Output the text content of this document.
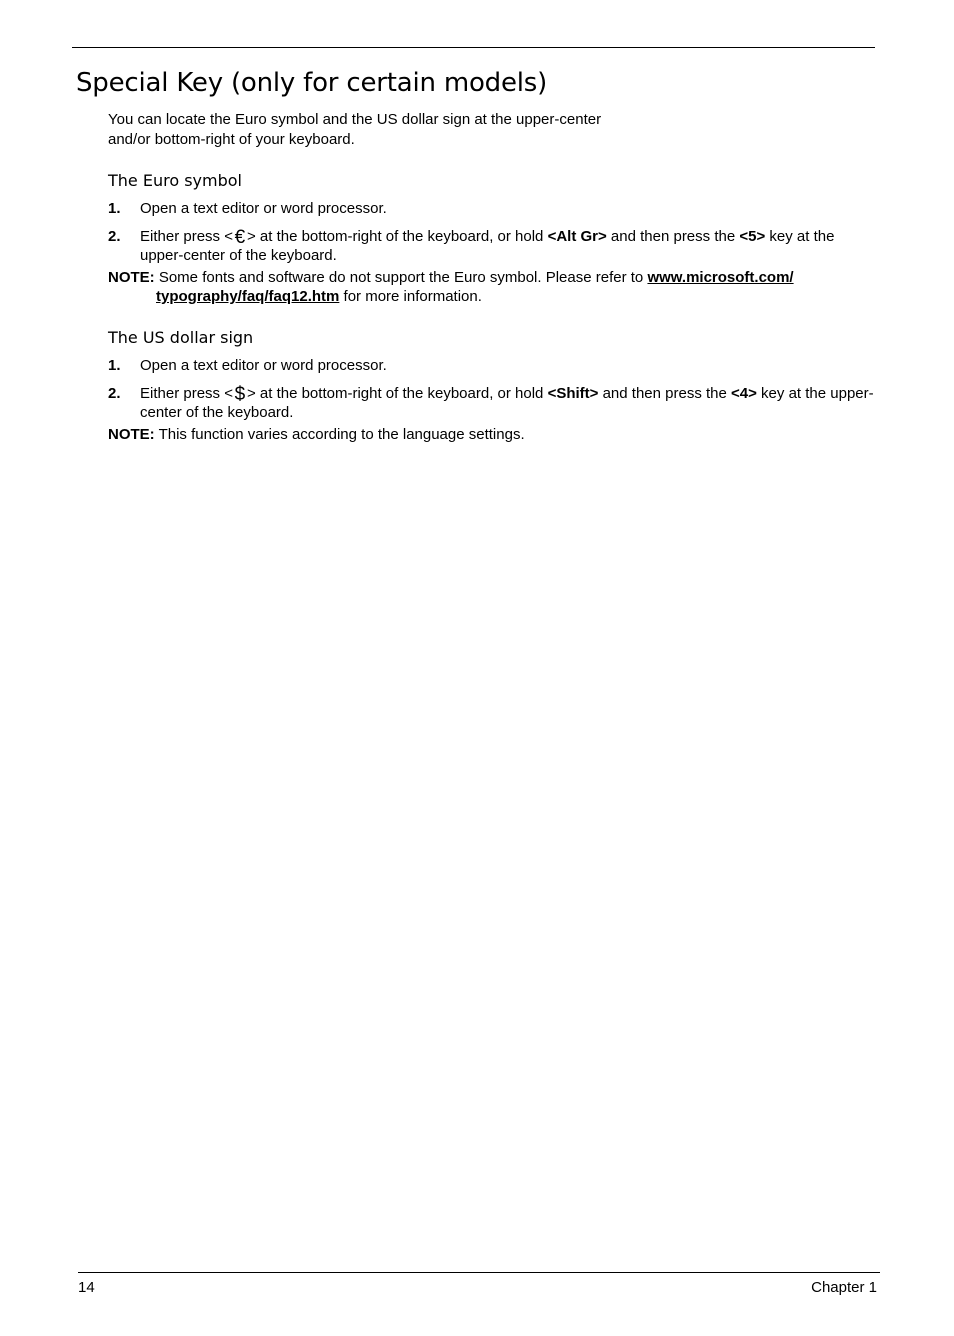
Special Key (only for certain models)
You can locate the Euro symbol and the US dollar sign at the upper-center
and/or bottom-right of your keyboard.
The Euro symbol
1. Open a text editor or word processor.
2. Either press <€ > at the bottom-right of the keyboard, or hold <Alt Gr> and then press the <5> key at the upper-center of the keyboard.
NOTE: Some fonts and software do not support the Euro symbol. Please refer to www.microsoft.com/
typography/faq/faq12.htm for more information.
The US dollar sign
1. Open a text editor or word processor.
2. Either press <$ > at the bottom-right of the keyboard, or hold <Shift> and then press the <4> key at the upper-center of the keyboard.
NOTE: This function varies according to the language settings.
14	Chapter 1
